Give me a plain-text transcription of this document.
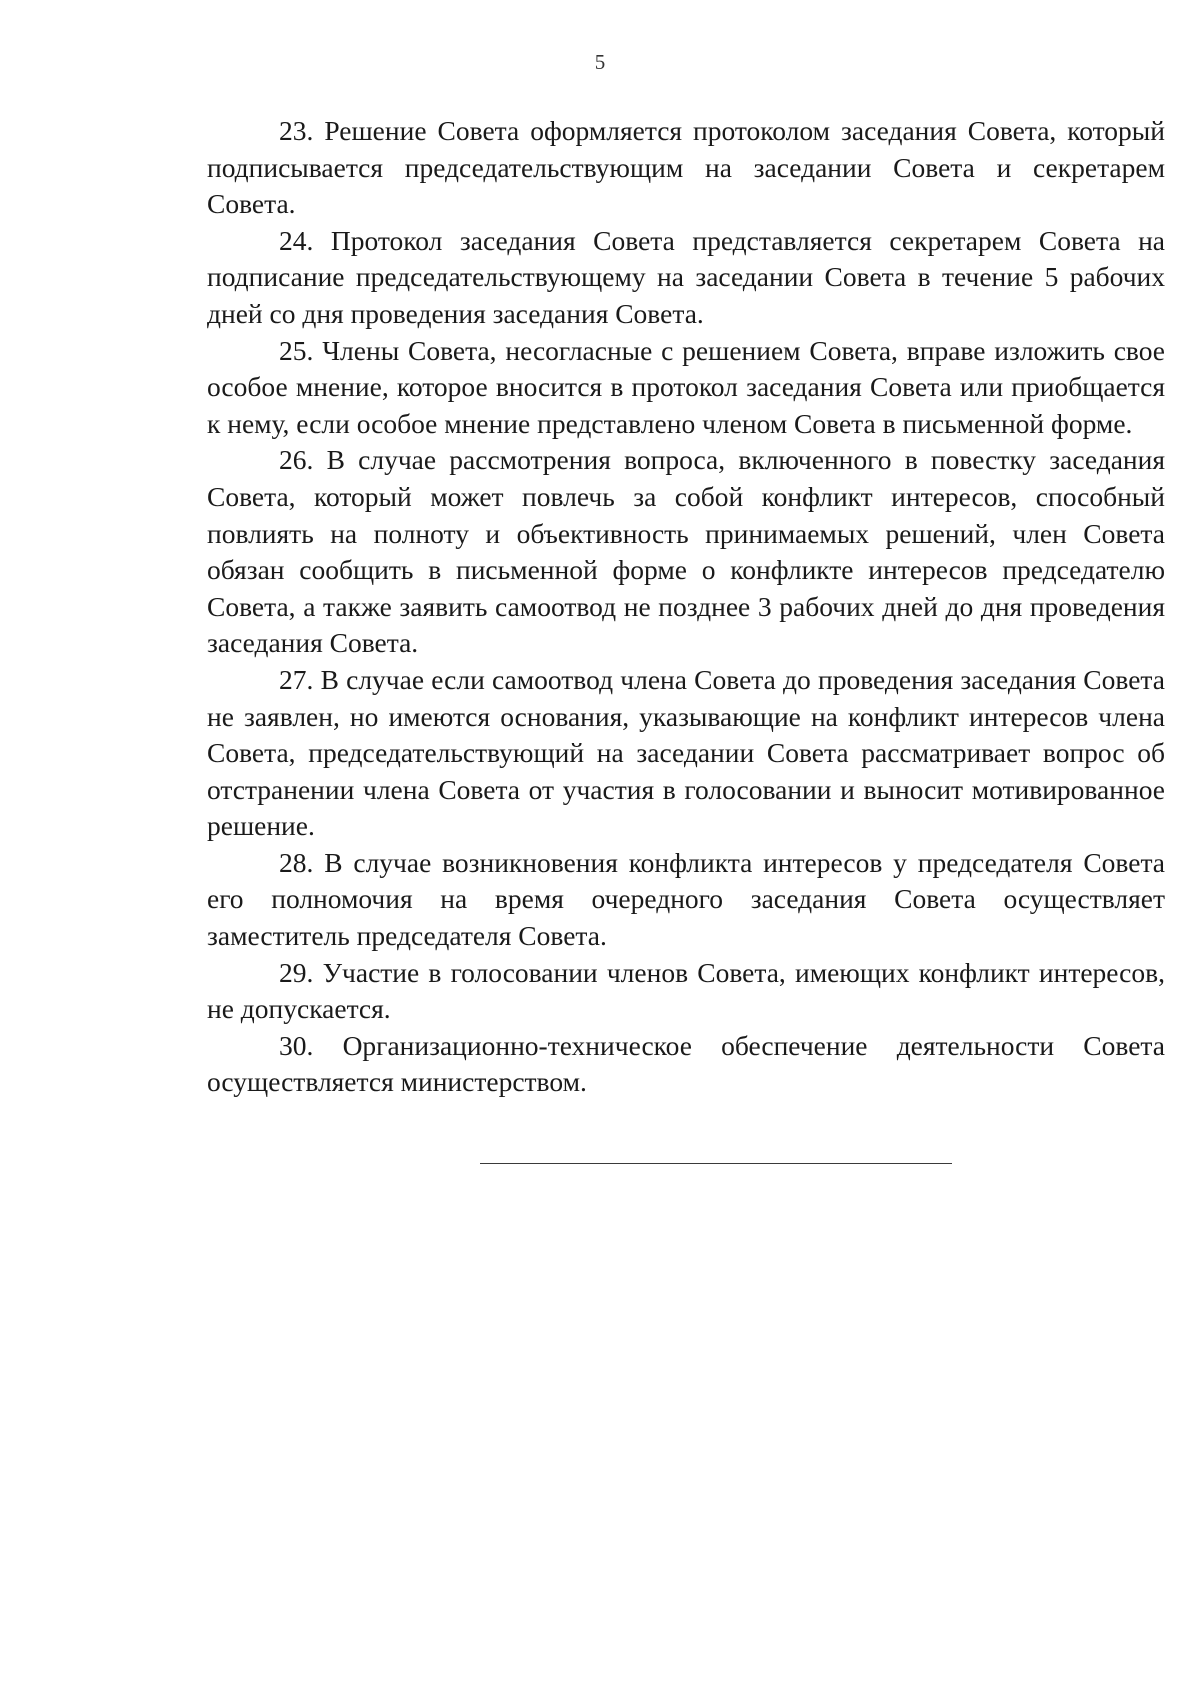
5

23. Решение Совета оформляется протоколом заседания Совета, который подписывается председательствующим на заседании Совета и секретарем Совета.

24. Протокол заседания Совета представляется секретарем Совета на подписание председательствующему на заседании Совета в течение 5 рабочих дней со дня проведения заседания Совета.

25. Члены Совета, несогласные с решением Совета, вправе изложить свое особое мнение, которое вносится в протокол заседания Совета или приобщается к нему, если особое мнение представлено членом Совета в письменной форме.

26. В случае рассмотрения вопроса, включенного в повестку заседания Совета, который может повлечь за собой конфликт интересов, способный повлиять на полноту и объективность принимаемых решений, член Совета обязан сообщить в письменной форме о конфликте интересов председателю Совета, а также заявить самоотвод не позднее 3 рабочих дней до дня проведения заседания Совета.

27. В случае если самоотвод члена Совета до проведения заседания Совета не заявлен, но имеются основания, указывающие на конфликт интересов члена Совета, председательствующий на заседании Совета рассматривает вопрос об отстранении члена Совета от участия в голосовании и выносит мотивированное решение.

28. В случае возникновения конфликта интересов у председателя Совета его полномочия на время очередного заседания Совета осуществляет заместитель председателя Совета.

29. Участие в голосовании членов Совета, имеющих конфликт интересов, не допускается.

30. Организационно-техническое обеспечение деятельности Совета осуществляется министерством.
